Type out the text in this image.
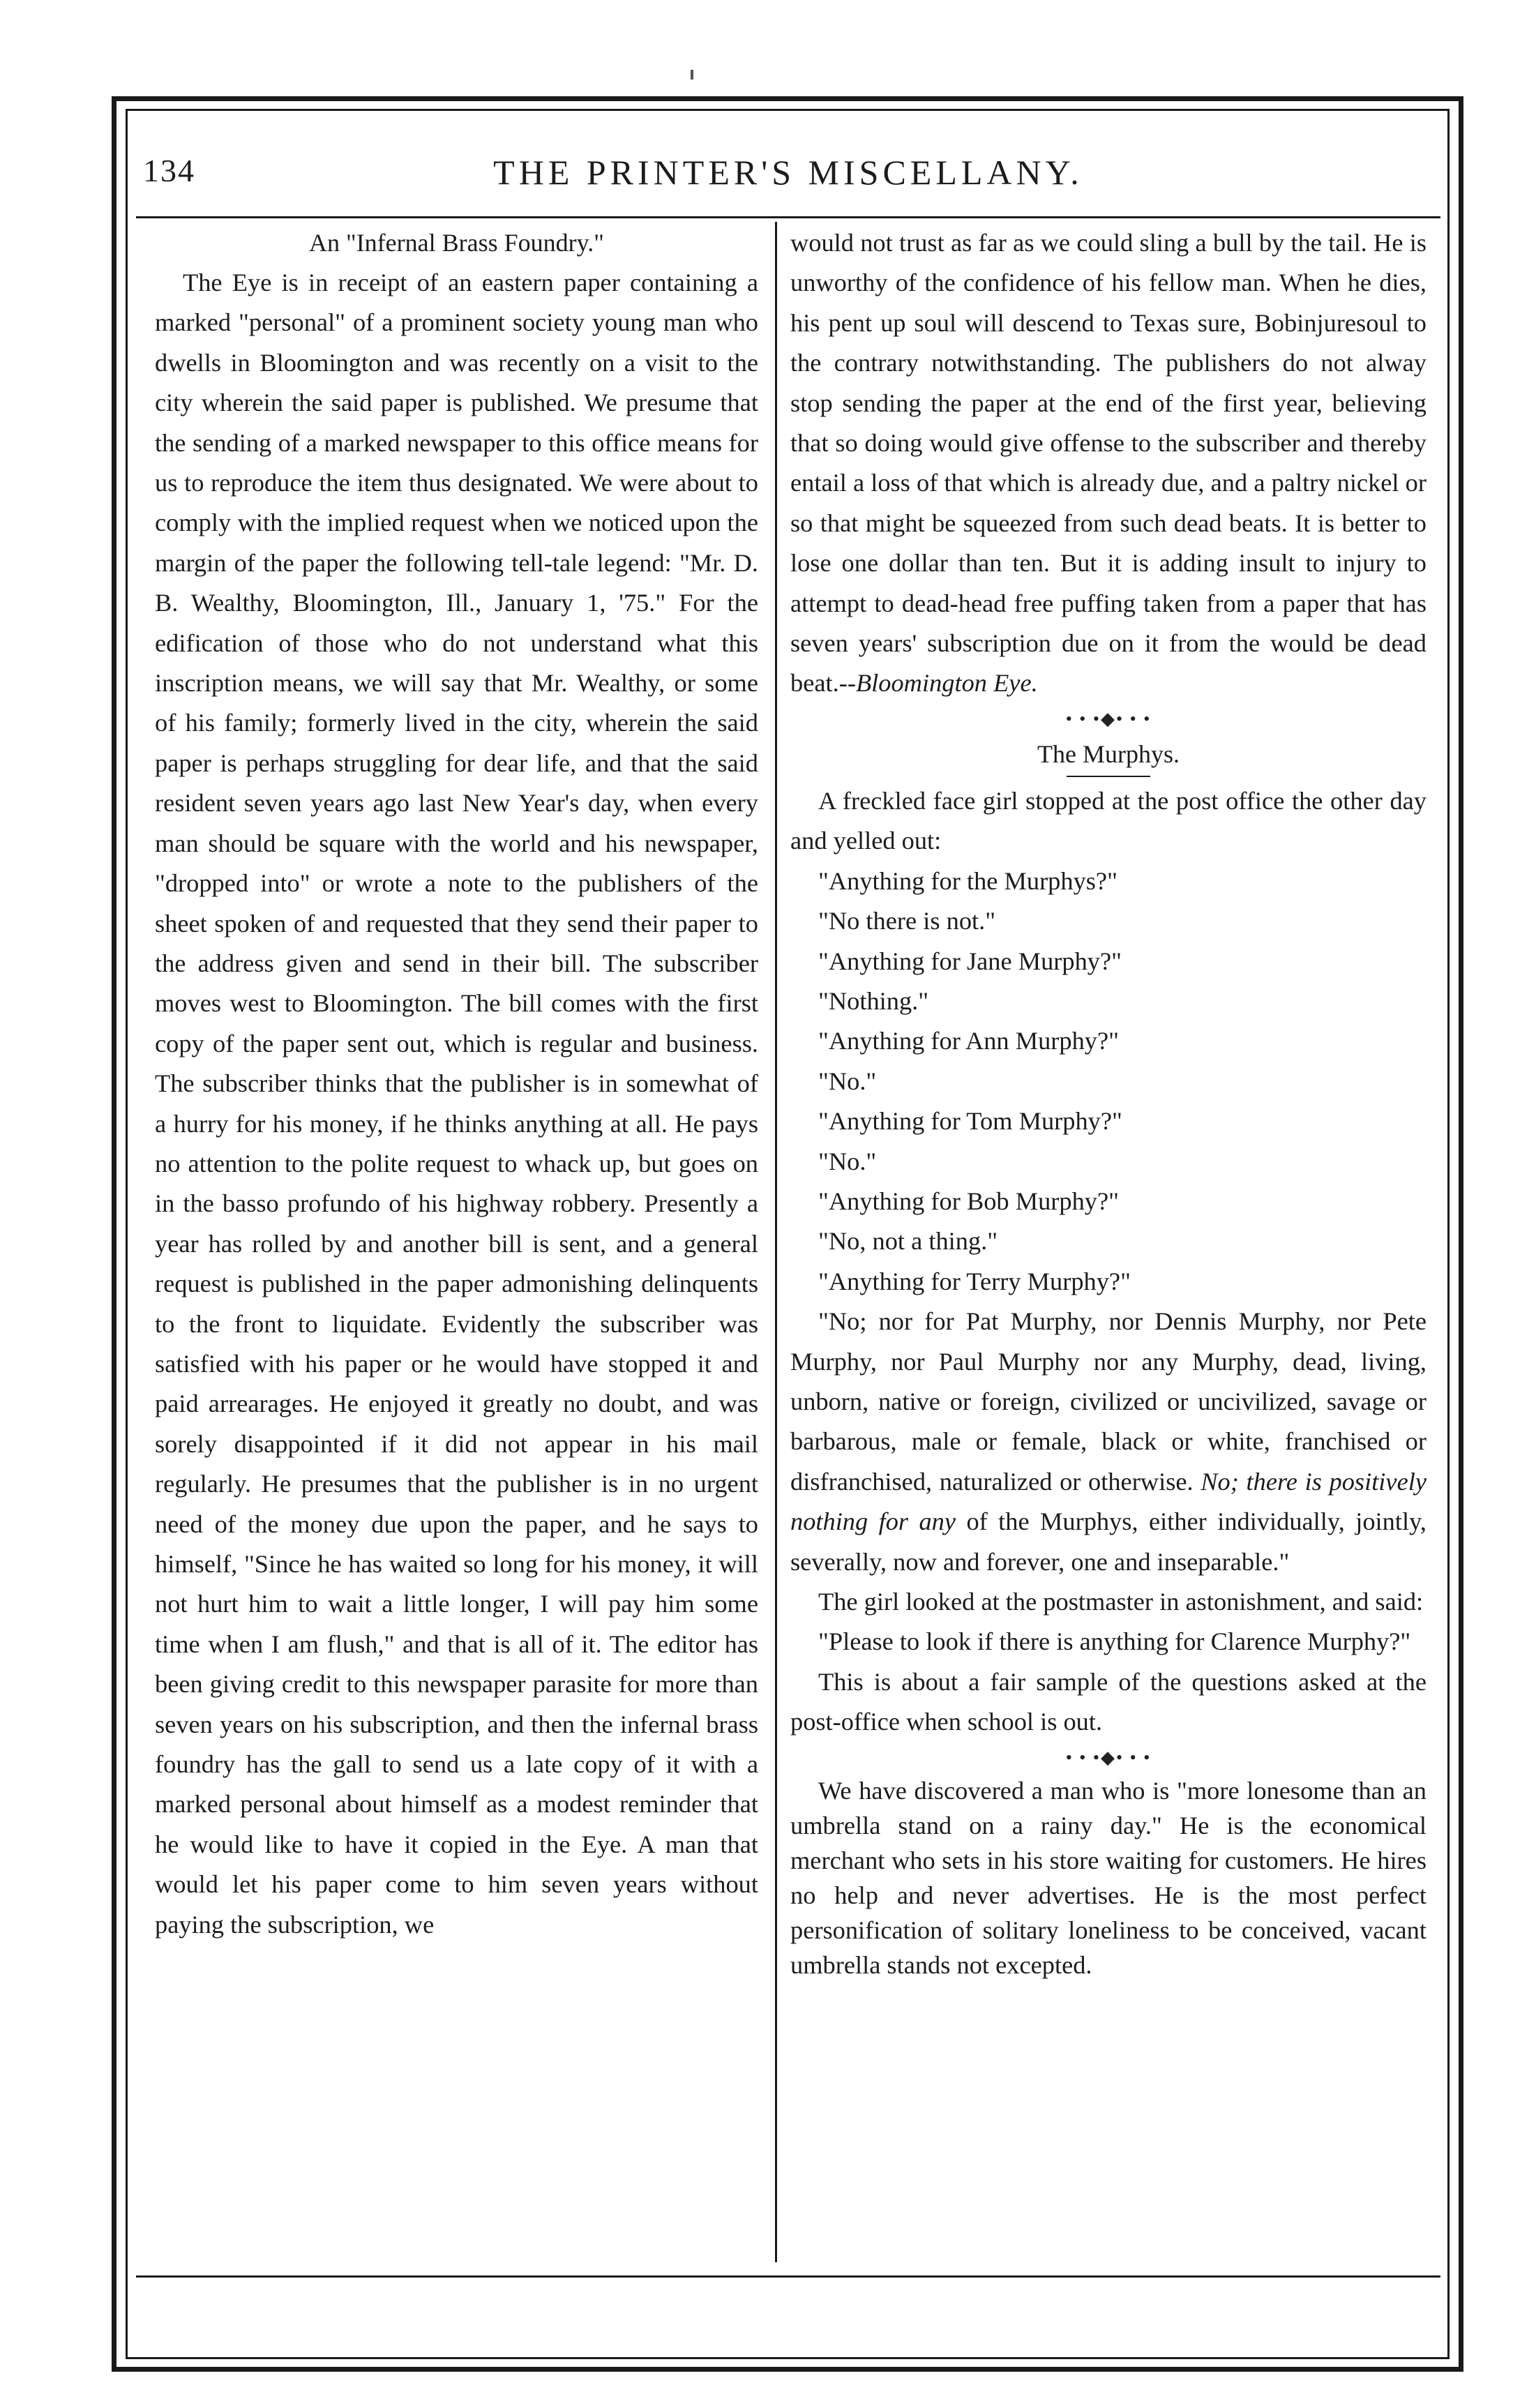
134	THE PRINTER'S MISCELLANY.

An "Infernal Brass Foundry."

The Eye is in receipt of an eastern paper containing a marked "personal" of a prominent society young man who dwells in Bloomington and was recently on a visit to the city wherein the said paper is published. We presume that the sending of a marked newspaper to this office means for us to reproduce the item thus designated. We were about to comply with the implied request when we noticed upon the margin of the paper the following tell-tale legend: "Mr. D. B. Wealthy, Bloomington, Ill., January 1, '75." For the edification of those who do not understand what this inscription means, we will say that Mr. Wealthy, or some of his family; formerly lived in the city, wherein the said paper is perhaps struggling for dear life, and that the said resident seven years ago last New Year's day, when every man should be square with the world and his newspaper, "dropped into" or wrote a note to the publishers of the sheet spoken of and requested that they send their paper to the address given and send in their bill. The subscriber moves west to Bloomington. The bill comes with the first copy of the paper sent out, which is regular and business. The subscriber thinks that the publisher is in somewhat of a hurry for his money, if he thinks anything at all. He pays no attention to the polite request to whack up, but goes on in the basso profundo of his highway robbery. Presently a year has rolled by and another bill is sent, and a general request is published in the paper admonishing delinquents to the front to liquidate. Evidently the subscriber was satisfied with his paper or he would have stopped it and paid arrearages. He enjoyed it greatly no doubt, and was sorely disappointed if it did not appear in his mail regularly. He presumes that the publisher is in no urgent need of the money due upon the paper, and he says to himself, "Since he has waited so long for his money, it will not hurt him to wait a little longer, I will pay him some time when I am flush," and that is all of it. The editor has been giving credit to this newspaper parasite for more than seven years on his subscription, and then the infernal brass foundry has the gall to send us a late copy of it with a marked personal about himself as a modest reminder that he would like to have it copied in the Eye. A man that would let his paper come to him seven years without paying the subscription, we

would not trust as far as we could sling a bull by the tail. He is unworthy of the confidence of his fellow man. When he dies, his pent up soul will descend to Texas sure, Bobinjuresoul to the contrary notwithstanding. The publishers do not alway stop sending the paper at the end of the first year, believing that so doing would give offense to the subscriber and thereby entail a loss of that which is already due, and a paltry nickel or so that might be squeezed from such dead beats. It is better to lose one dollar than ten. But it is adding insult to injury to attempt to dead-head free puffing taken from a paper that has seven years' subscription due on it from the would be dead beat.--Bloomington Eye.

• • •◆• • •

The Murphys.

A freckled face girl stopped at the post office the other day and yelled out:

"Anything for the Murphys?"

"No there is not."

"Anything for Jane Murphy?"

"Nothing."

"Anything for Ann Murphy?"

"No."

"Anything for Tom Murphy?"

"No."

"Anything for Bob Murphy?"

"No, not a thing."

"Anything for Terry Murphy?"

"No; nor for Pat Murphy, nor Dennis Murphy, nor Pete Murphy, nor Paul Murphy nor any Murphy, dead, living, unborn, native or foreign, civilized or uncivilized, savage or barbarous, male or female, black or white, franchised or disfranchised, naturalized or otherwise. No; there is positively nothing for any of the Murphys, either individually, jointly, severally, now and forever, one and inseparable."

The girl looked at the postmaster in astonishment, and said:

"Please to look if there is anything for Clarence Murphy?"

This is about a fair sample of the questions asked at the post-office when school is out.

• • •◆• • •

We have discovered a man who is "more lonesome than an umbrella stand on a rainy day." He is the economical merchant who sets in his store waiting for customers. He hires no help and never advertises. He is the most perfect personification of solitary loneliness to be conceived, vacant umbrella stands not excepted.
